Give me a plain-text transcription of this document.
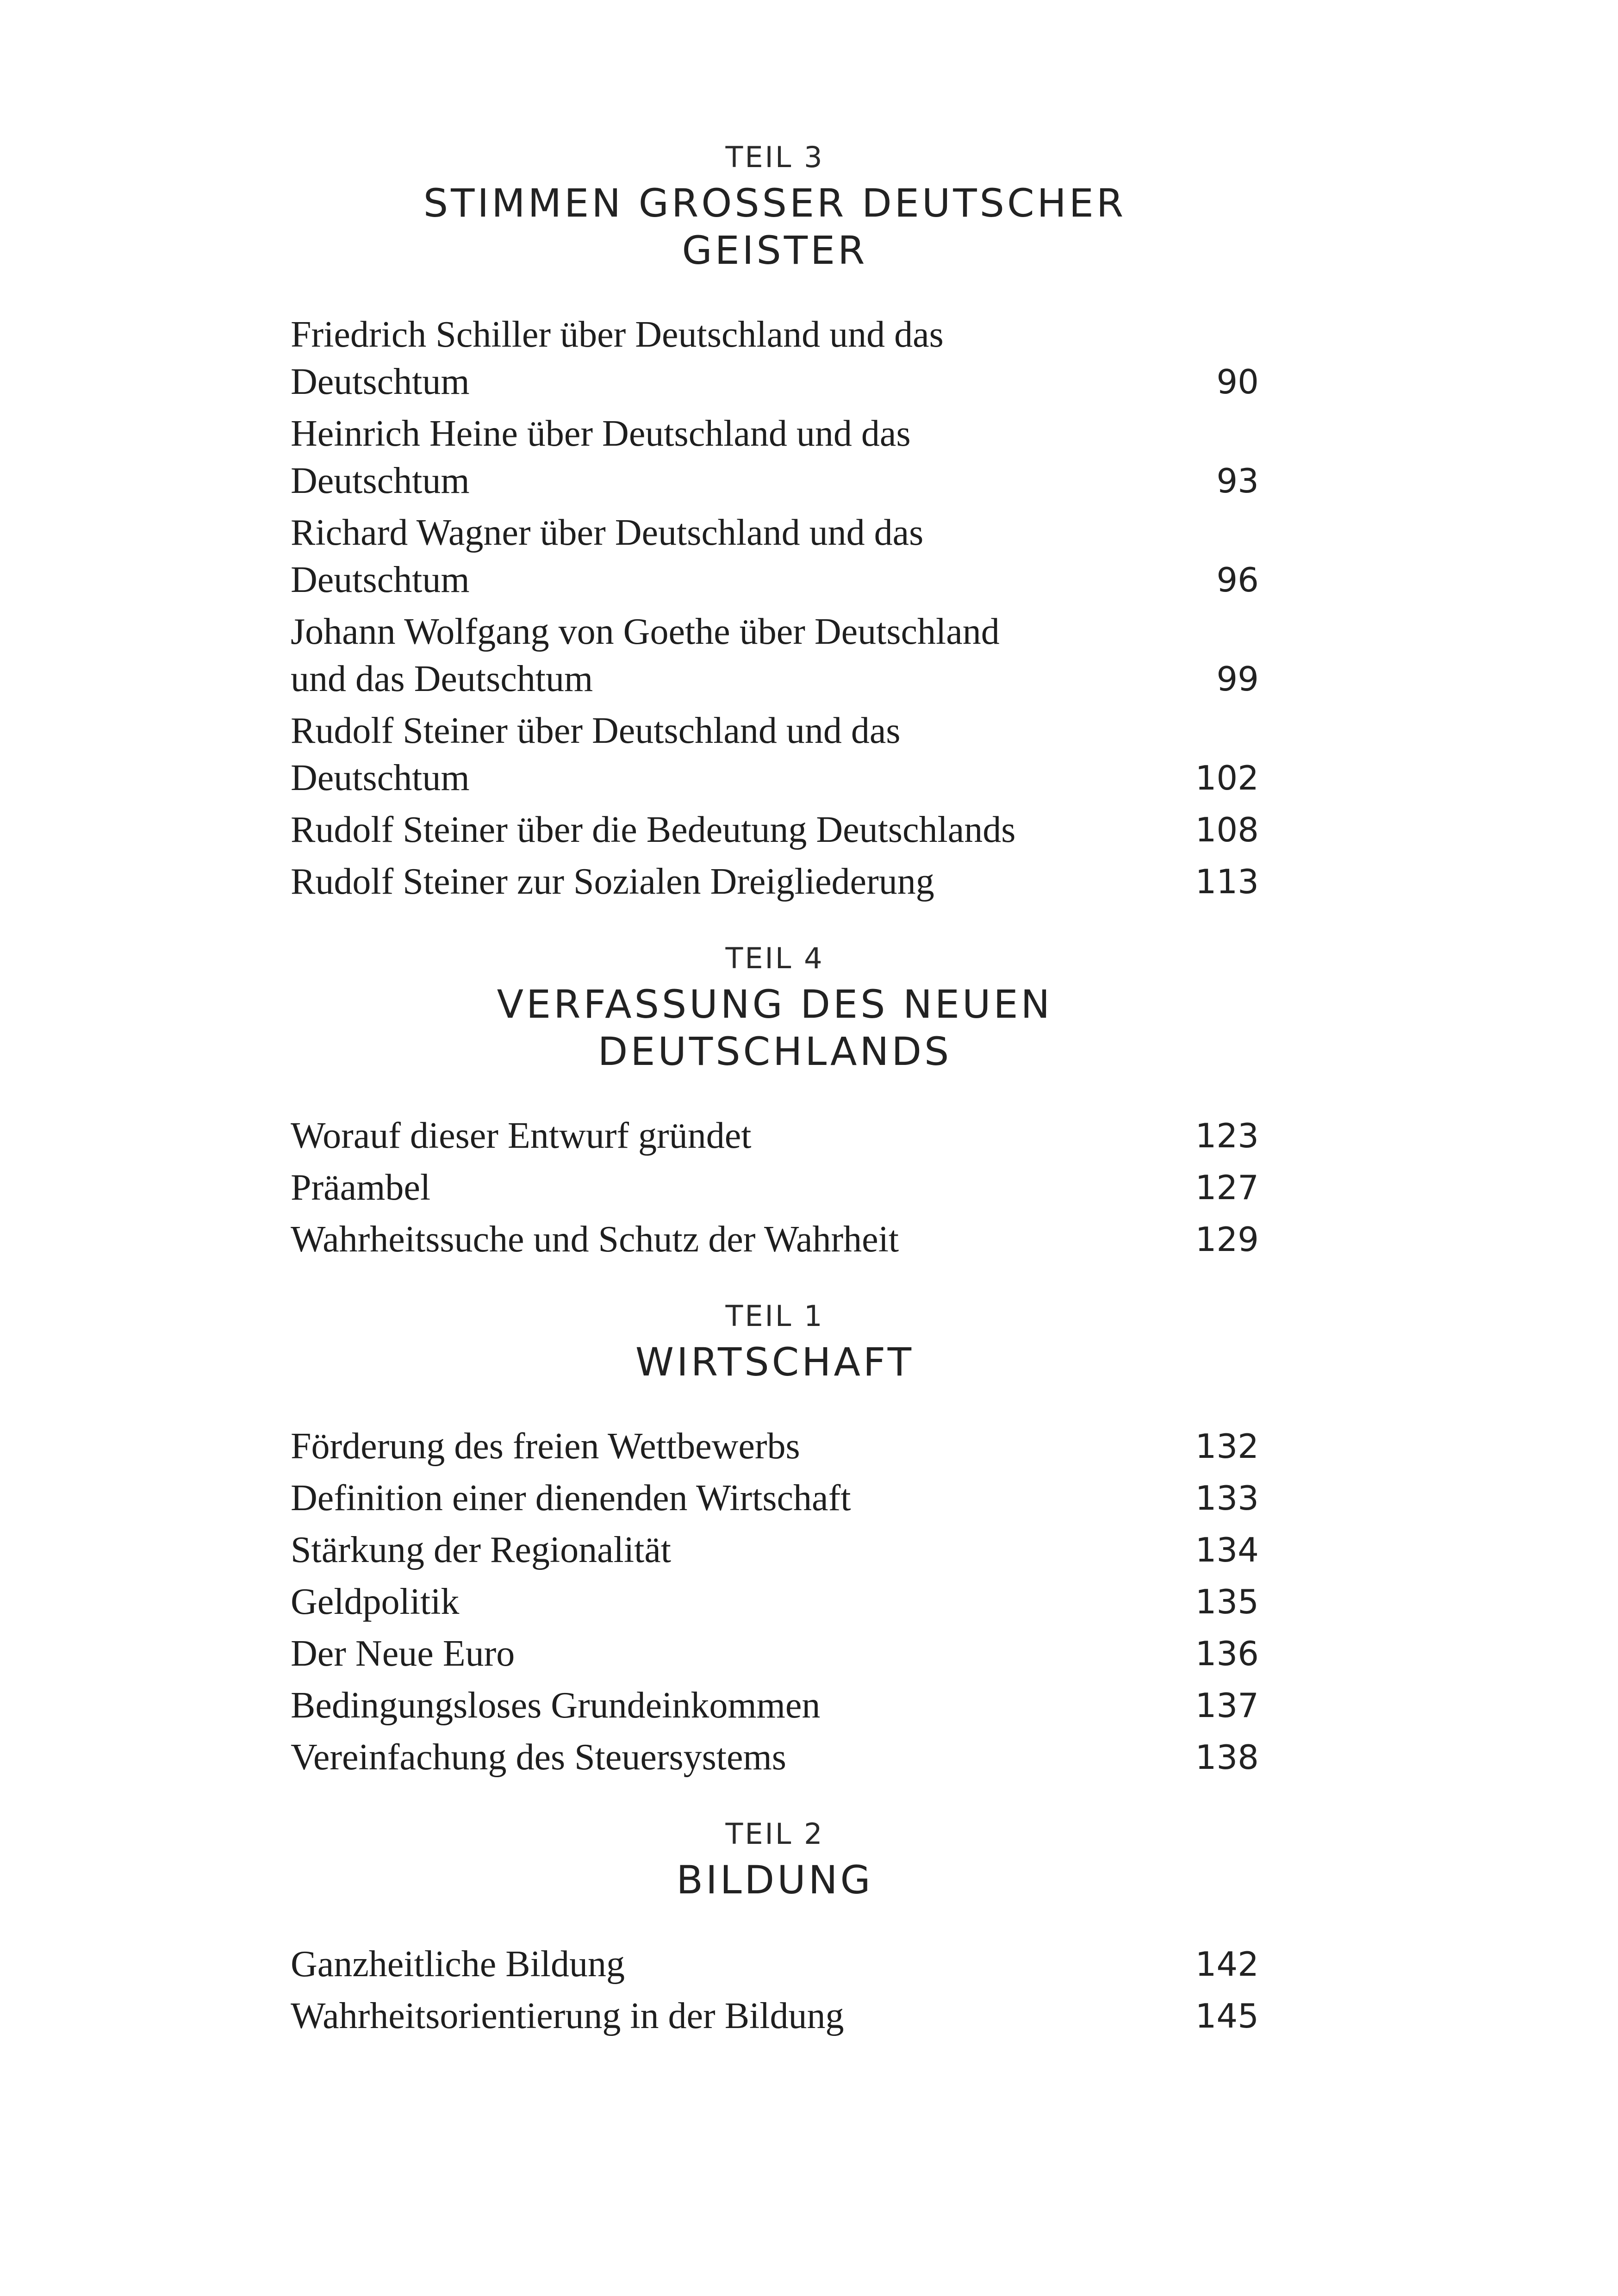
TEIL 3

STIMMEN GROSSER DEUTSCHER
GEISTER
Friedrich Schiller über Deutschland und das Deutschtum	90
Heinrich Heine über Deutschland und das Deutschtum	93
Richard Wagner über Deutschland und das Deutschtum	96
Johann Wolfgang von Goethe über Deutschland und das Deutschtum	99
Rudolf Steiner über Deutschland und das Deutschtum	102
Rudolf Steiner über die Bedeutung Deutschlands	108
Rudolf Steiner zur Sozialen Dreigliederung	113

TEIL 4

VERFASSUNG DES NEUEN
DEUTSCHLANDS
Worauf dieser Entwurf gründet	123
Präambel	127
Wahrheitssuche und Schutz der Wahrheit	129

TEIL 1

WIRTSCHAFT
Förderung des freien Wettbewerbs	132
Definition einer dienenden Wirtschaft	133
Stärkung der Regionalität	134
Geldpolitik	135
Der Neue Euro	136
Bedingungsloses Grundeinkommen	137
Vereinfachung des Steuersystems	138

TEIL 2

BILDUNG
Ganzheitliche Bildung	142
Wahrheitsorientierung in der Bildung	145
